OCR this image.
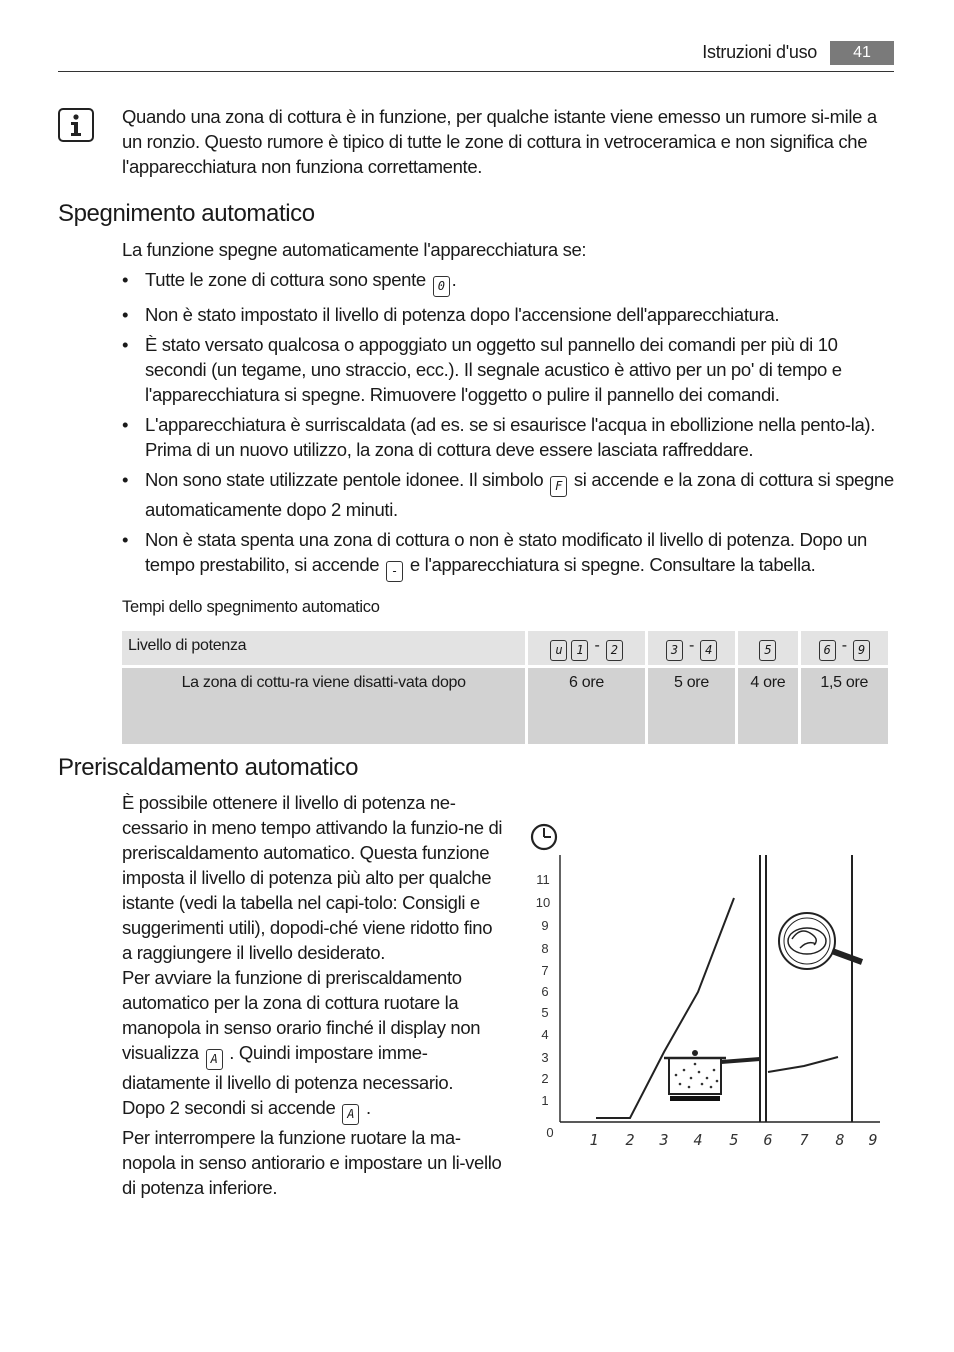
Istruzioni d'uso	41
Quando una zona di cottura è in funzione, per qualche istante viene emesso un rumore si-mile a un ronzio. Questo rumore è tipico di tutte le zone di cottura in vetroceramica e non significa che l'apparecchiatura non funziona correttamente.
Spegnimento automatico
La funzione spegne automaticamente l'apparecchiatura se:
• Tutte le zone di cottura sono spente 0 .
• Non è stato impostato il livello di potenza dopo l'accensione dell'apparecchiatura.
• È stato versato qualcosa o appoggiato un oggetto sul pannello dei comandi per più di 10 secondi (un tegame, uno straccio, ecc.). Il segnale acustico è attivo per un po' di tempo e l'apparecchiatura si spegne. Rimuovere l'oggetto o pulire il pannello dei comandi.
• L'apparecchiatura è surriscaldata (ad es. se si esaurisce l'acqua in ebollizione nella pento-la). Prima di un nuovo utilizzo, la zona di cottura deve essere lasciata raffreddare.
• Non sono state utilizzate pentole idonee. Il simbolo F si accende e la zona di cottura si spegne automaticamente dopo 2 minuti.
• Non è stata spenta una zona di cottura o non è stato modificato il livello di potenza. Dopo un tempo prestabilito, si accende - e l'apparecchiatura si spegne. Consultare la tabella.
Tempi dello spegnimento automatico
Livello di potenza	u 1 - 2	3 - 4	5	6 - 9
La zona di cottu-ra viene disatti-vata dopo	6 ore	5 ore	4 ore	1,5 ore
Preriscaldamento automatico
È possibile ottenere il livello di potenza ne-cessario in meno tempo attivando la funzio-ne di preriscaldamento automatico. Questa funzione imposta il livello di potenza più alto per qualche istante (vedi la tabella nel capi-tolo: Consigli e suggerimenti utili), dopodi-ché viene ridotto fino a raggiungere il livello desiderato.
Per avviare la funzione di preriscaldamento automatico per la zona di cottura ruotare la manopola in senso orario finché il display non visualizza A . Quindi impostare imme-diatamente il livello di potenza necessario.
Dopo 2 secondi si accende A .
Per interrompere la funzione ruotare la ma-nopola in senso antiorario e impostare un li-vello di potenza inferiore.
11
10
9
8
7
6
5
4
3
2
1
0 1 2 3 4 5 6 7 8 9
